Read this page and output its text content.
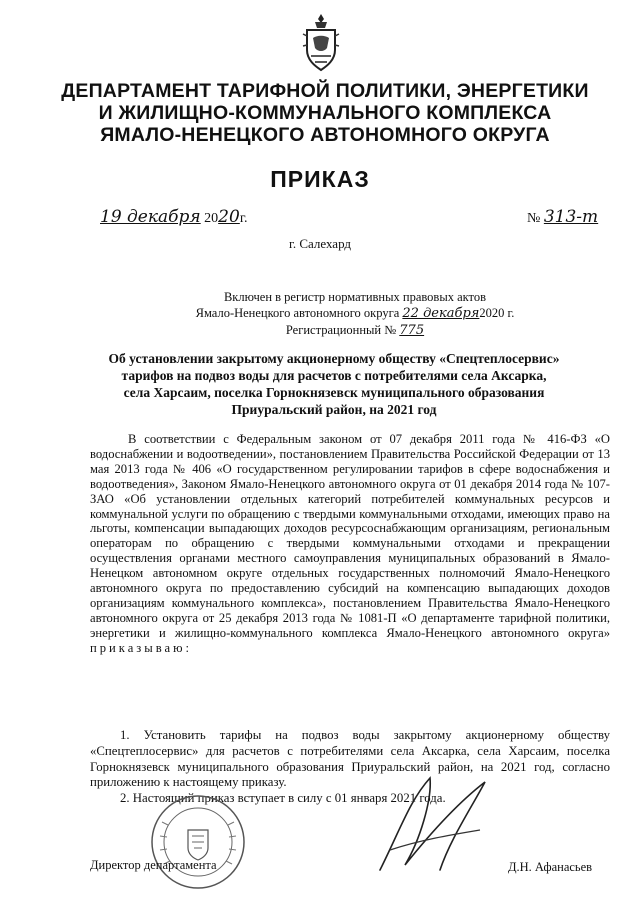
ДЕПАРТАМЕНТ ТАРИФНОЙ ПОЛИТИКИ, ЭНЕРГЕТИКИ
И ЖИЛИЩНО-КОММУНАЛЬНОГО КОМПЛЕКСА
ЯМАЛО-НЕНЕЦКОГО АВТОНОМНОГО ОКРУГА
ПРИКАЗ
19 декабря 2020г.	№ 313-т
г. Салехард
Включен в регистр нормативных правовых актов
Ямало-Ненецкого автономного округа 22 декабря2020 г.
Регистрационный № 775
Об установлении закрытому акционерному обществу «Спецтеплосервис»
тарифов на подвоз воды для расчетов с потребителями села Аксарка,
села Харсаим, поселка Горнокнязевск муниципального образования
Приуральский район, на 2021 год

В соответствии с Федеральным законом от 07 декабря 2011 года № 416-ФЗ «О водоснабжении и водоотведении», постановлением Правительства Российской Федерации от 13 мая 2013 года № 406 «О государственном регулировании тарифов в сфере водоснабжения и водоотведения», Законом Ямало-Ненецкого автономного округа от 01 декабря 2014 года № 107-ЗАО «Об установлении отдельных категорий потребителей коммунальных ресурсов и коммунальной услуги по обращению с твердыми коммунальными отходами, имеющих право на льготы, компенсации выпадающих доходов ресурсоснабжающим организациям, региональным операторам по обращению с твердыми коммунальными отходами и прекращении осуществления органами местного самоуправления муниципальных образований в Ямало-Ненецком автономном округе отдельных государственных полномочий Ямало-Ненецкого автономного округа по предоставлению субсидий на компенсацию выпадающих доходов организациям коммунального комплекса», постановлением Правительства Ямало-Ненецкого автономного округа от 25 декабря 2013 года № 1081-П «О департаменте тарифной политики, энергетики и жилищно-коммунального комплекса Ямало-Ненецкого автономного округа» приказываю:

1. Установить тарифы на подвоз воды закрытому акционерному обществу «Спецтеплосервис» для расчетов с потребителями села Аксарка, села Харсаим, поселка Горнокнязевск муниципального образования Приуральский район, на 2021 год, согласно приложению к настоящему приказу.

2. Настоящий приказ вступает в силу с 01 января 2021 года.

Директор департамента	Д.Н. Афанасьев
